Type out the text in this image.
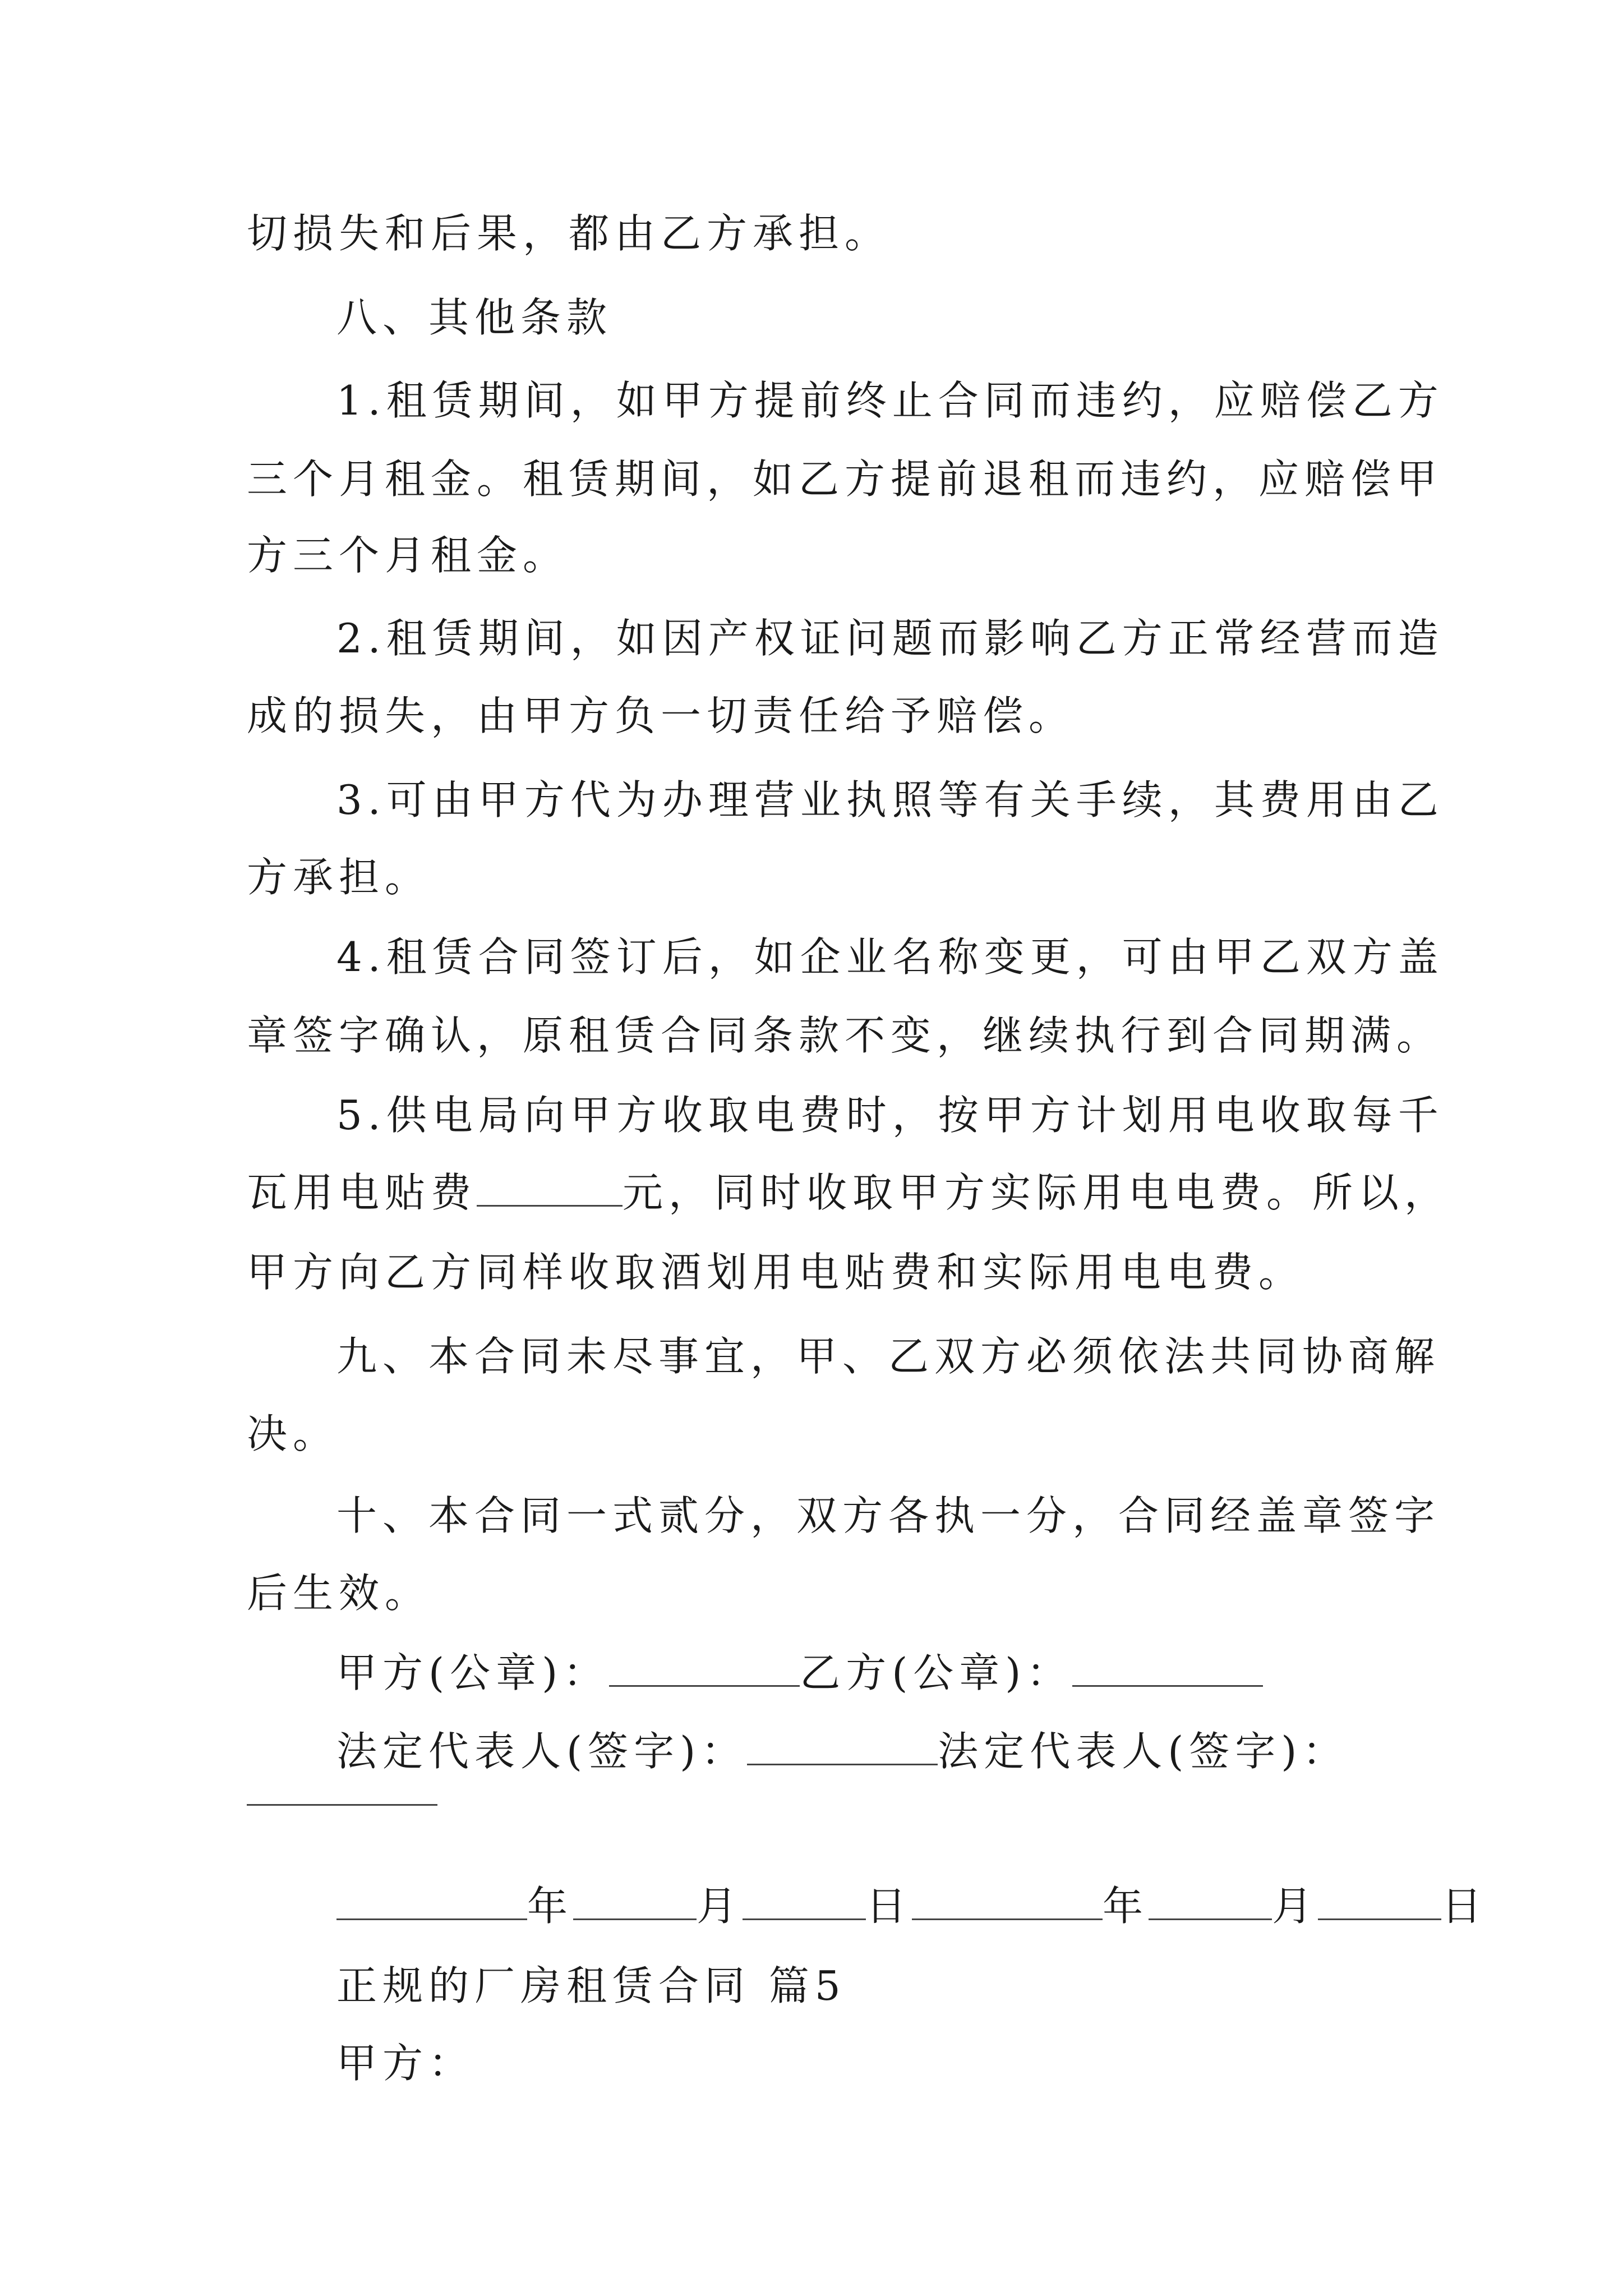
切损失和后果，都由乙方承担。
八、其他条款
1.租赁期间，如甲方提前终止合同而违约，应赔偿乙方
三个月租金。租赁期间，如乙方提前退租而违约，应赔偿甲
方三个月租金。
2.租赁期间，如因产权证问题而影响乙方正常经营而造
成的损失，由甲方负一切责任给予赔偿。
3.可由甲方代为办理营业执照等有关手续，其费用由乙
方承担。
4.租赁合同签订后，如企业名称变更，可由甲乙双方盖
章签字确认，原租赁合同条款不变，继续执行到合同期满。
5.供电局向甲方收取电费时，按甲方计划用电收取每千
瓦用电贴费	元，同时收取甲方实际用电电费。所以，
甲方向乙方同样收取酒划用电贴费和实际用电电费。
九、本合同未尽事宜，甲、乙双方必须依法共同协商解
决。
十、本合同一式贰分，双方各执一分，合同经盖章签字
后生效。
甲方(公章)：	乙方(公章)：
法定代表人(签字)：	法定代表人(签字)：
年	月	日	年	月	日
正规的厂房租赁合同 篇5
甲方：
